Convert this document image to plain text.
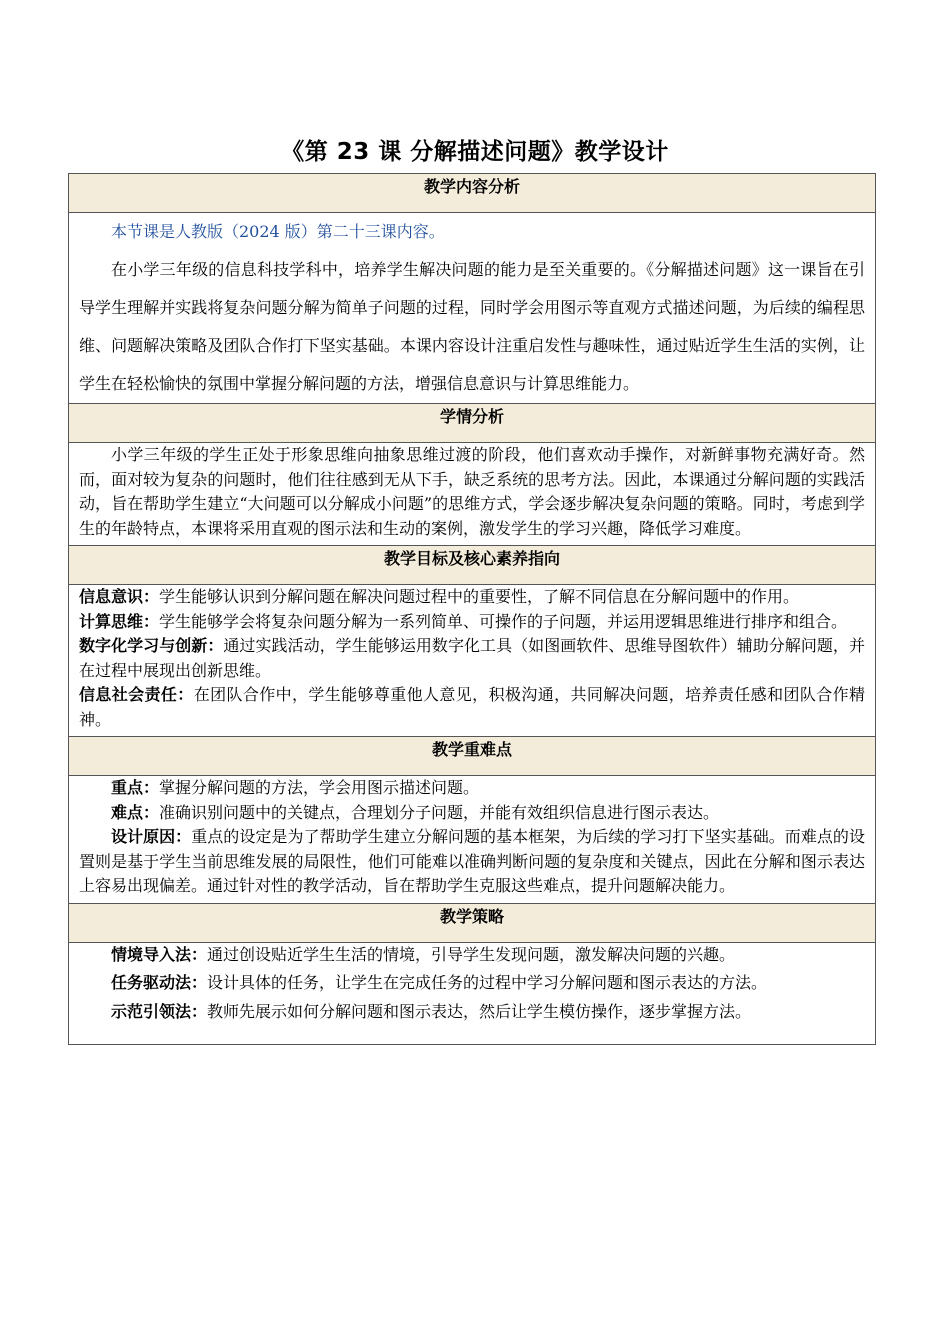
《第 23 课 分解描述问题》教学设计
教学内容分析

本节课是人教版（2024 版）第二十三课内容。

在小学三年级的信息科技学科中，培养学生解决问题的能力是至关重要的。《分解描述问题》这一课旨在引导学生理解并实践将复杂问题分解为简单子问题的过程，同时学会用图示等直观方式描述问题，为后续的编程思维、问题解决策略及团队合作打下坚实基础。本课内容设计注重启发性与趣味性，通过贴近学生生活的实例，让学生在轻松愉快的氛围中掌握分解问题的方法，增强信息意识与计算思维能力。

学情分析

小学三年级的学生正处于形象思维向抽象思维过渡的阶段，他们喜欢动手操作，对新鲜事物充满好奇。然而，面对较为复杂的问题时，他们往往感到无从下手，缺乏系统的思考方法。因此，本课通过分解问题的实践活动，旨在帮助学生建立“大问题可以分解成小问题”的思维方式，学会逐步解决复杂问题的策略。同时，考虑到学生的年龄特点，本课将采用直观的图示法和生动的案例，激发学生的学习兴趣，降低学习难度。

教学目标及核心素养指向

信息意识：学生能够认识到分解问题在解决问题过程中的重要性，了解不同信息在分解问题中的作用。

计算思维：学生能够学会将复杂问题分解为一系列简单、可操作的子问题，并运用逻辑思维进行排序和组合。

数字化学习与创新：通过实践活动，学生能够运用数字化工具（如图画软件、思维导图软件）辅助分解问题，并在过程中展现出创新思维。

信息社会责任：在团队合作中，学生能够尊重他人意见，积极沟通，共同解决问题，培养责任感和团队合作精神。

教学重难点

重点：掌握分解问题的方法，学会用图示描述问题。

难点：准确识别问题中的关键点，合理划分子问题，并能有效组织信息进行图示表达。

设计原因：重点的设定是为了帮助学生建立分解问题的基本框架，为后续的学习打下坚实基础。而难点的设置则是基于学生当前思维发展的局限性，他们可能难以准确判断问题的复杂度和关键点，因此在分解和图示表达上容易出现偏差。通过针对性的教学活动，旨在帮助学生克服这些难点，提升问题解决能力。

教学策略

情境导入法：通过创设贴近学生生活的情境，引导学生发现问题，激发解决问题的兴趣。

任务驱动法：设计具体的任务，让学生在完成任务的过程中学习分解问题和图示表达的方法。

示范引领法：教师先展示如何分解问题和图示表达，然后让学生模仿操作，逐步掌握方法。
